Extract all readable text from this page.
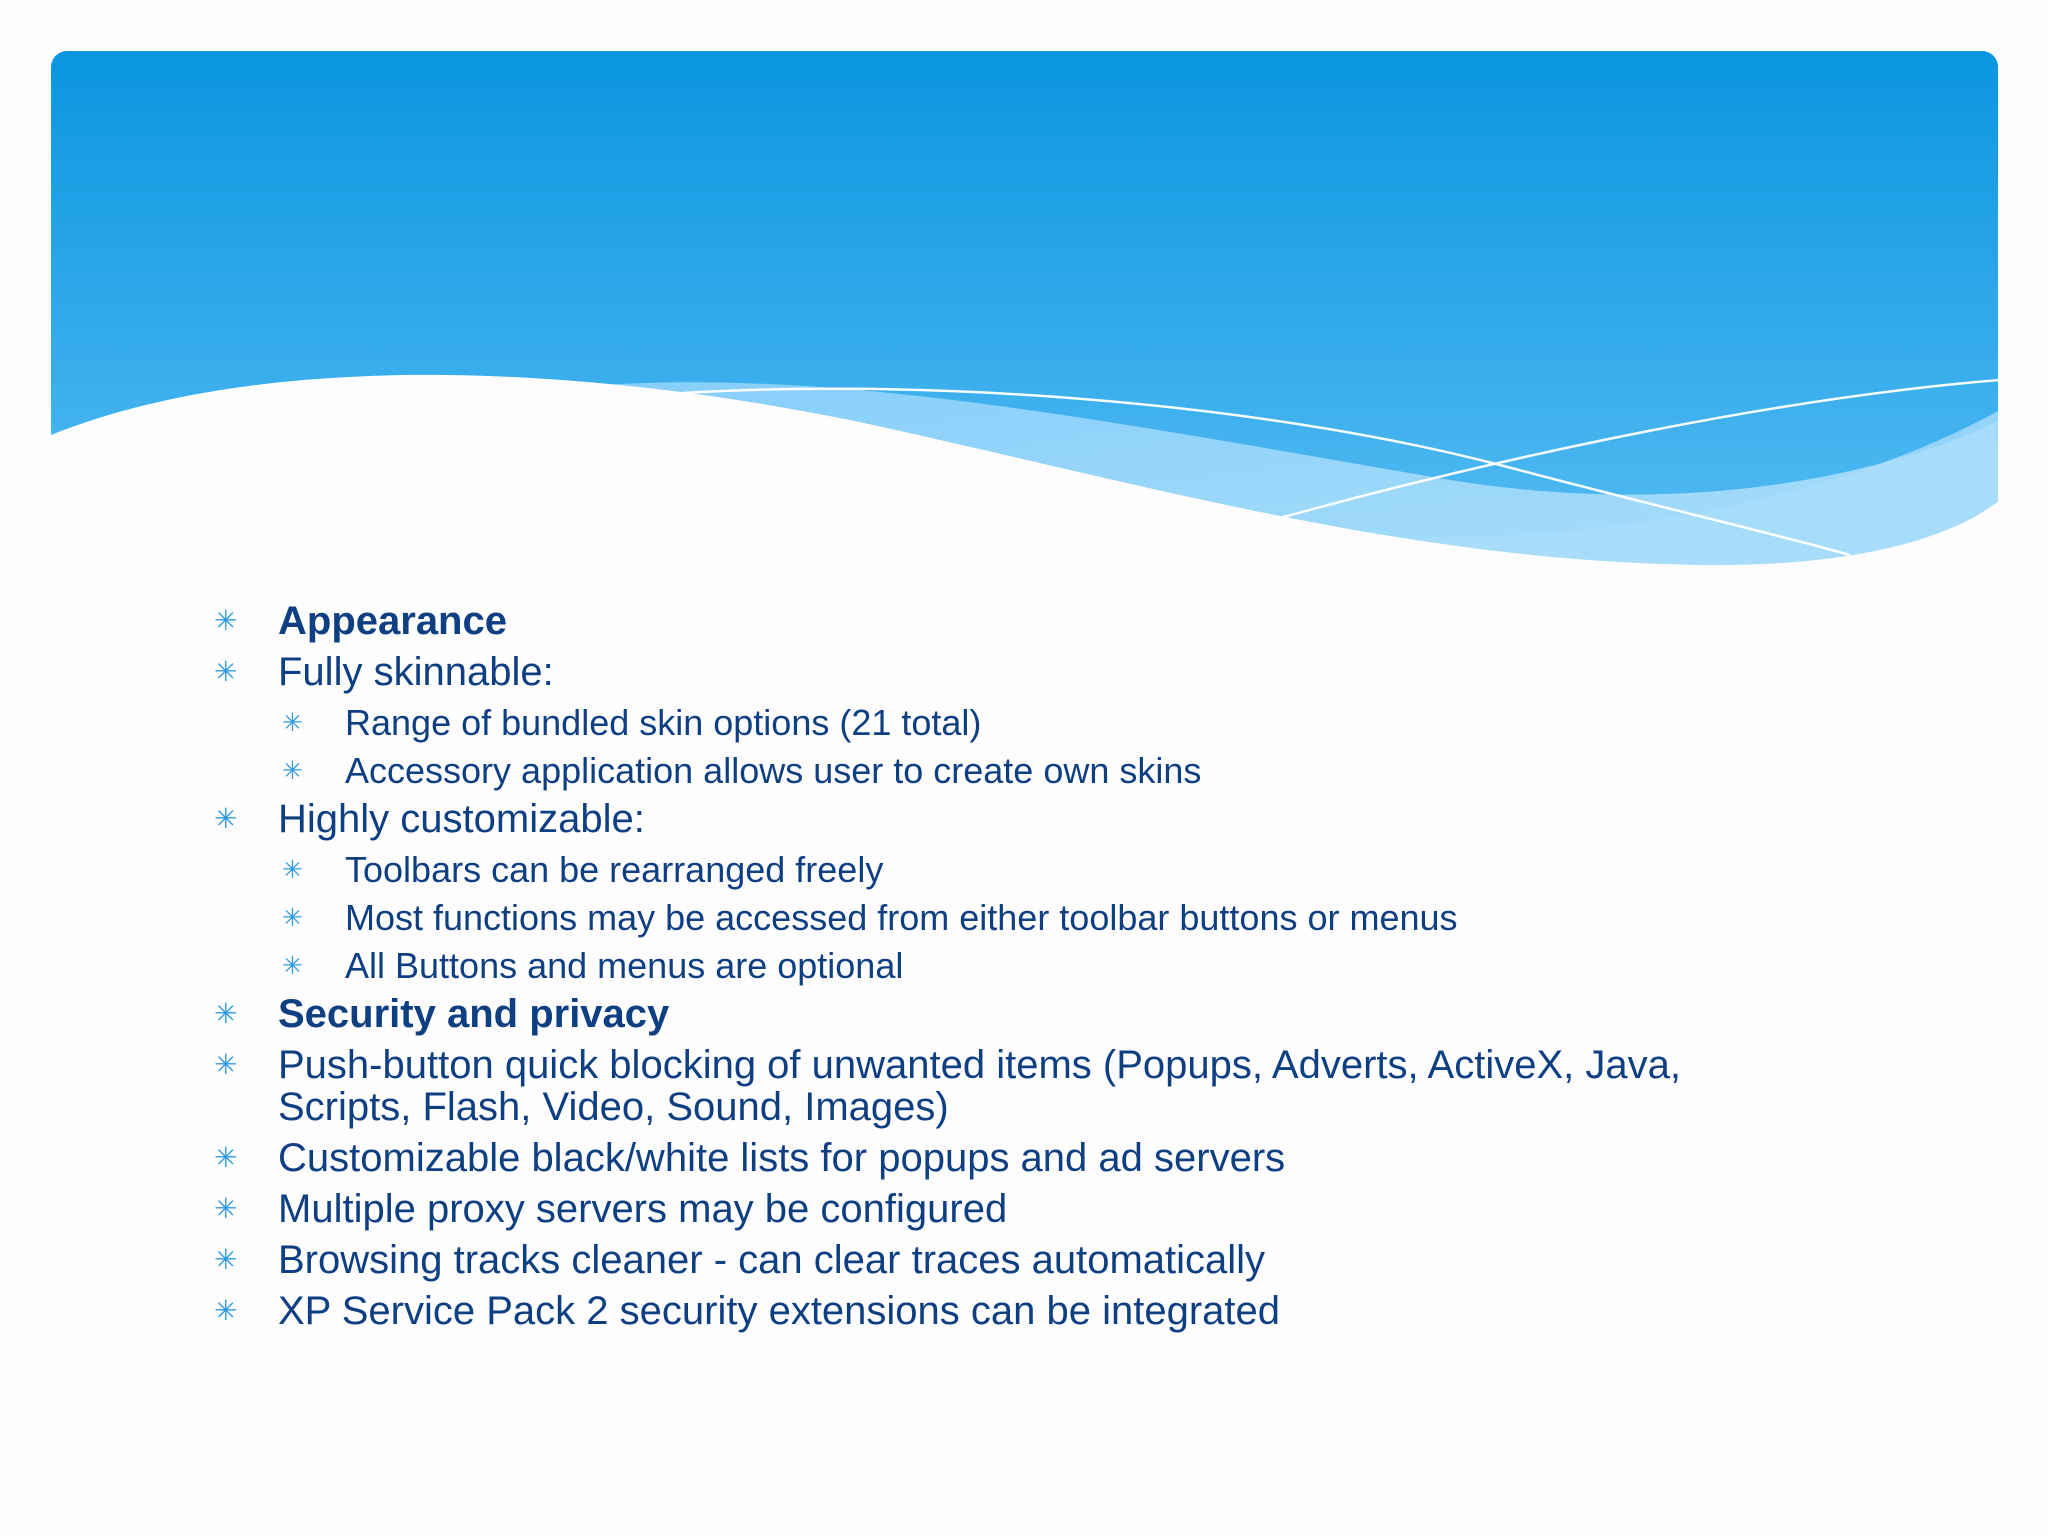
✳ Appearance
✳ Fully skinnable:
✳ Range of bundled skin options (21 total)
✳ Accessory application allows user to create own skins
✳ Highly customizable:
✳ Toolbars can be rearranged freely
✳ Most functions may be accessed from either toolbar buttons or menus
✳ All Buttons and menus are optional
✳ Security and privacy
✳ Push-button quick blocking of unwanted items (Popups, Adverts, ActiveX, Java, Scripts, Flash, Video, Sound, Images)
✳ Customizable black/white lists for popups and ad servers
✳ Multiple proxy servers may be configured
✳ Browsing tracks cleaner - can clear traces automatically
✳ XP Service Pack 2 security extensions can be integrated
